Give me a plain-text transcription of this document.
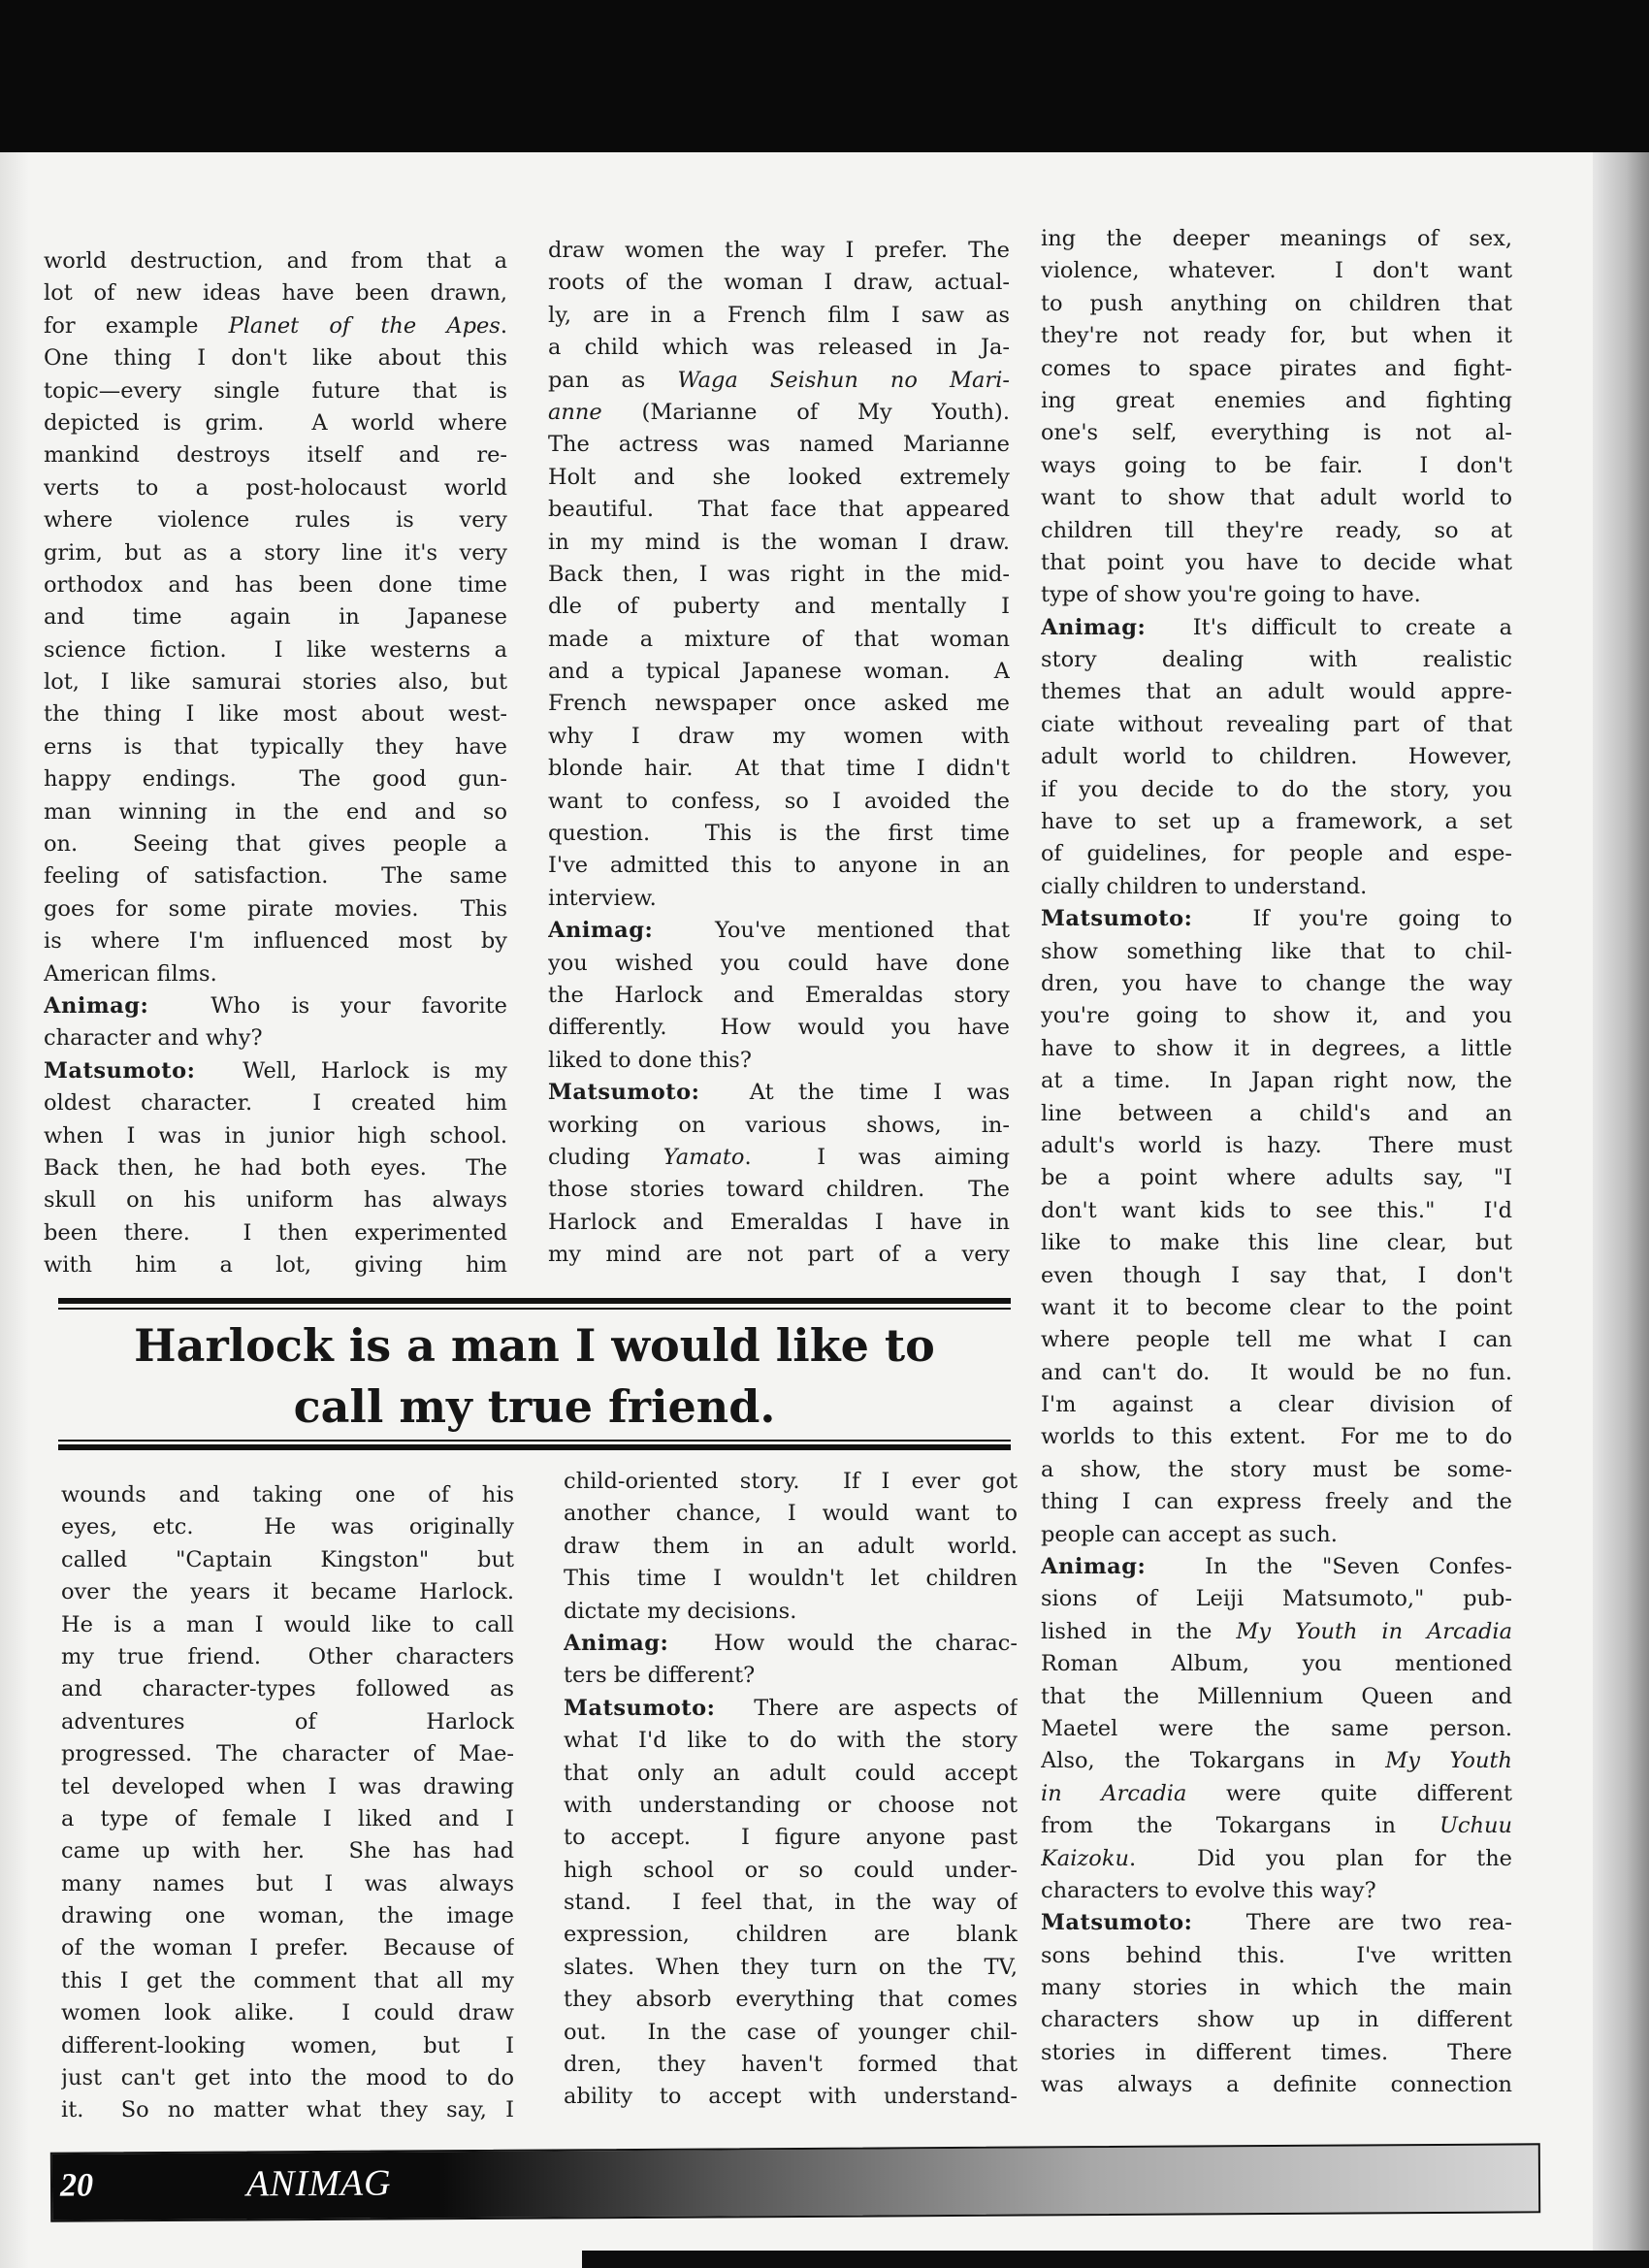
world destruction, and from that a
lot of new ideas have been drawn,
for example Planet of the Apes.
One thing I don't like about this
topic—every single future that is
depicted is grim.  A world where
mankind destroys itself and re-
verts to a post-holocaust world
where violence rules is very
grim, but as a story line it's very
orthodox and has been done time
and time again in Japanese
science fiction.  I like westerns a
lot, I like samurai stories also, but
the thing I like most about west-
erns is that typically they have
happy endings.  The good gun-
man winning in the end and so
on.  Seeing that gives people a
feeling of satisfaction.  The same
goes for some pirate movies.  This
is where I'm influenced most by
American films.
Animag:  Who is your favorite
character and why?
Matsumoto:  Well, Harlock is my
oldest character.  I created him
when I was in junior high school.
Back then, he had both eyes.  The
skull on his uniform has always
been there.  I then experimented
with him a lot, giving him
draw women the way I prefer. The
roots of the woman I draw, actual-
ly, are in a French film I saw as
a child which was released in Ja-
pan as Waga Seishun no Mari-
anne (Marianne of My Youth).
The actress was named Marianne
Holt and she looked extremely
beautiful.  That face that appeared
in my mind is the woman I draw.
Back then, I was right in the mid-
dle of puberty and mentally I
made a mixture of that woman
and a typical Japanese woman.  A
French newspaper once asked me
why I draw my women with
blonde hair.  At that time I didn't
want to confess, so I avoided the
question.  This is the first time
I've admitted this to anyone in an
interview.
Animag:  You've mentioned that
you wished you could have done
the Harlock and Emeraldas story
differently.  How would you have
liked to done this?
Matsumoto:  At the time I was
working on various shows, in-
cluding Yamato.  I was aiming
those stories toward children.  The
Harlock and Emeraldas I have in
my mind are not part of a very
ing the deeper meanings of sex,
violence, whatever.  I don't want
to push anything on children that
they're not ready for, but when it
comes to space pirates and fight-
ing great enemies and fighting
one's self, everything is not al-
ways going to be fair.  I don't
want to show that adult world to
children till they're ready, so at
that point you have to decide what
type of show you're going to have.
Animag:  It's difficult to create a
story dealing with realistic
themes that an adult would appre-
ciate without revealing part of that
adult world to children.  However,
if you decide to do the story, you
have to set up a framework, a set
of guidelines, for people and espe-
cially children to understand.
Matsumoto:  If you're going to
show something like that to chil-
dren, you have to change the way
you're going to show it, and you
have to show it in degrees, a little
at a time.  In Japan right now, the
line between a child's and an
adult's world is hazy.  There must
be a point where adults say, "I
don't want kids to see this."  I'd
like to make this line clear, but
even though I say that, I don't
want it to become clear to the point
where people tell me what I can
and can't do.  It would be no fun.
I'm against a clear division of
worlds to this extent.  For me to do
a show, the story must be some-
thing I can express freely and the
people can accept as such.
Animag:  In the "Seven Confes-
sions of Leiji Matsumoto," pub-
lished in the My Youth in Arcadia
Roman Album, you mentioned
that the Millennium Queen and
Maetel were the same person.
Also, the Tokargans in My Youth
in Arcadia were quite different
from the Tokargans in Uchuu
Kaizoku.  Did you plan for the
characters to evolve this way?
Matsumoto:  There are two rea-
sons behind this.  I've written
many stories in which the main
characters show up in different
stories in different times.  There
was always a definite connection
wounds and taking one of his
eyes, etc.  He was originally
called "Captain Kingston" but
over the years it became Harlock.
He is a man I would like to call
my true friend.  Other characters
and character-types followed as
adventures of Harlock
progressed. The character of Mae-
tel developed when I was drawing
a type of female I liked and I
came up with her.  She has had
many names but I was always
drawing one woman, the image
of the woman I prefer.  Because of
this I get the comment that all my
women look alike.  I could draw
different-looking women, but I
just can't get into the mood to do
it.  So no matter what they say, I
child-oriented story.  If I ever got
another chance, I would want to
draw them in an adult world.
This time I wouldn't let children
dictate my decisions.
Animag:  How would the charac-
ters be different?
Matsumoto:  There are aspects of
what I'd like to do with the story
that only an adult could accept
with understanding or choose not
to accept.  I figure anyone past
high school or so could under-
stand.  I feel that, in the way of
expression, children are blank
slates. When they turn on the TV,
they absorb everything that comes
out.  In the case of younger chil-
dren, they haven't formed that
ability to accept with understand-
Harlock is a man I would like to
call my true friend.
20	ANIMAG
